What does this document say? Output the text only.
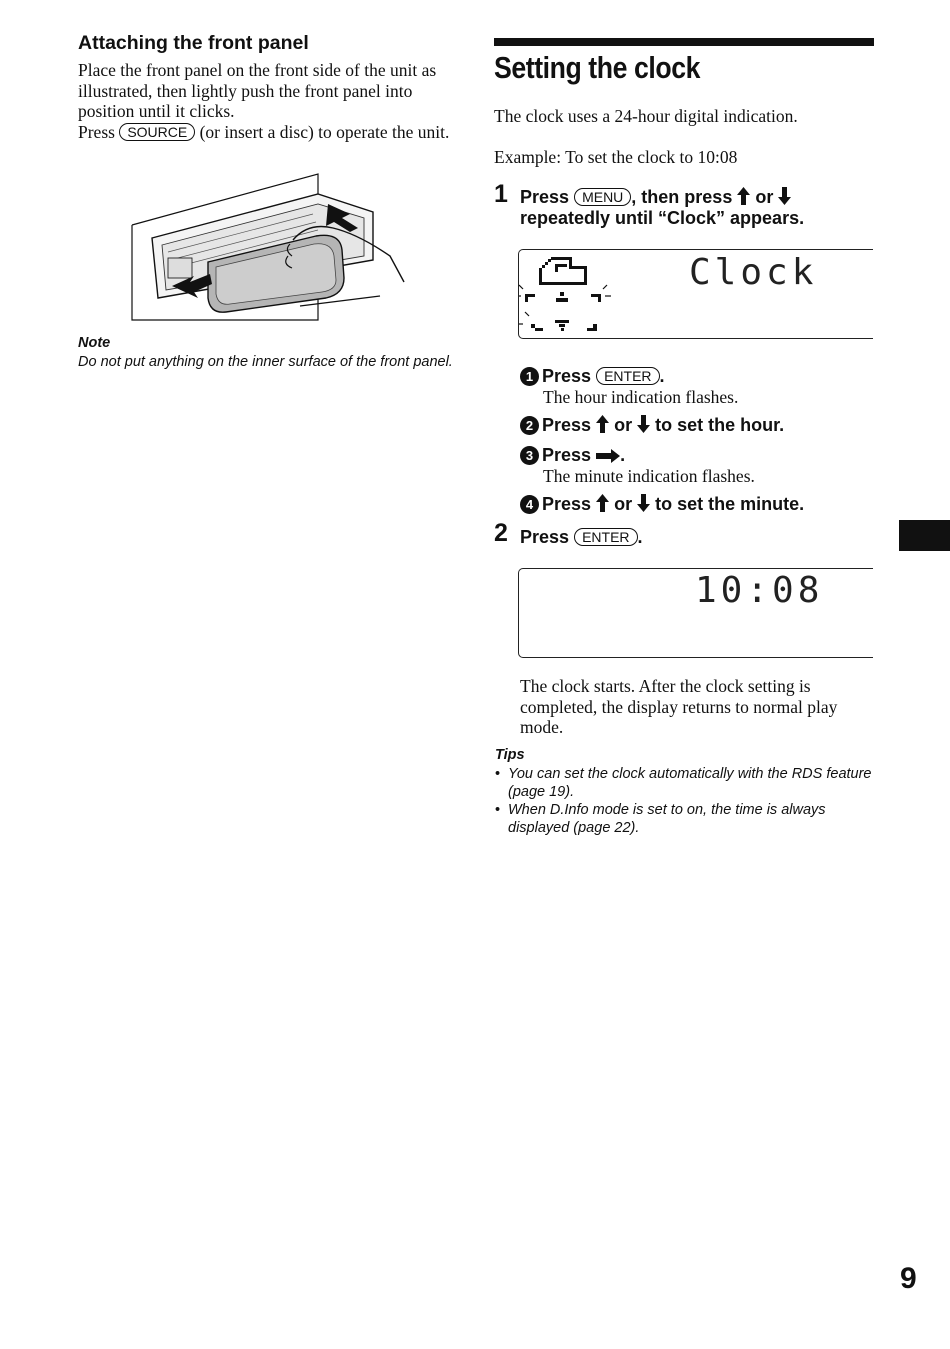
Attaching the front panel
Place the front panel on the front side of the unit as illustrated, then lightly push the front panel into position until it clicks.
Press SOURCE (or insert a disc) to operate the unit.
Note
Do not put anything on the inner surface of the front panel.
Setting the clock
The clock uses a 24-hour digital indication.
Example: To set the clock to 10:08
1 Press MENU , then press or
repeatedly until “Clock” appears.
Clock
1 Press ENTER .
The hour indication flashes.
2 Press or to set the hour.
3 Press .
The minute indication flashes.
4 Press or to set the minute.
2 Press ENTER .
10:08
The clock starts. After the clock setting is completed, the display returns to normal play mode.
Tips
• You can set the clock automatically with the RDS feature (page 19).
• When D.Info mode is set to on, the time is always displayed (page 22).
9
